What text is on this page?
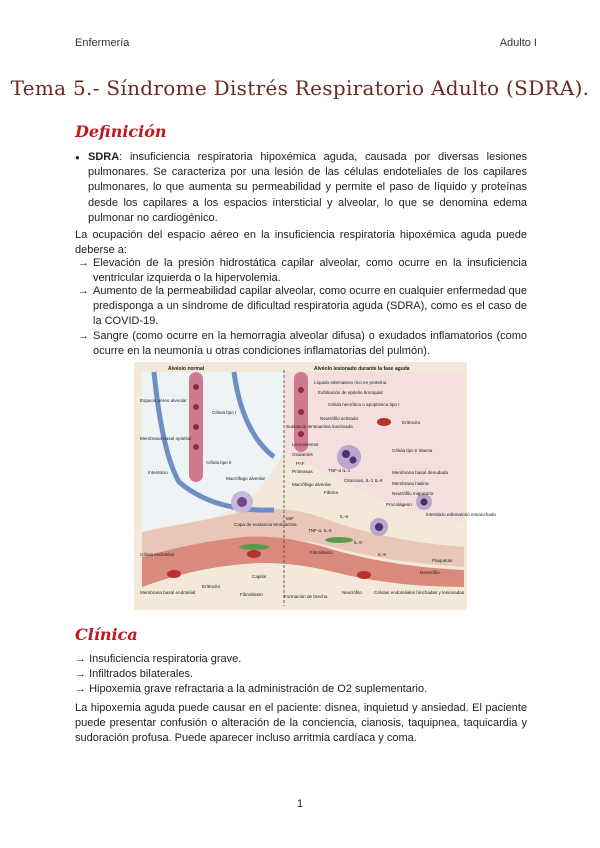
Enfermería	Adulto I
Tema 5.- Síndrome Distrés Respiratorio Adulto (SDRA).
Definición
● SDRA: insuficiencia respiratoria hipoxémica aguda, causada por diversas lesiones pulmonares. Se caracteriza por una lesión de las células endoteliales de los capilares pulmonares, lo que aumenta su permeabilidad y permite el paso de líquido y proteínas desde los capilares a los espacios intersticial y alveolar, lo que se denomina edema pulmonar no cardiogénico.

La ocupación del espacio aéreo en la insuficiencia respiratoria hipoxémica aguda puede deberse a:

→ Elevación de la presión hidrostática capilar alveolar, como ocurre en la insuficiencia ventricular izquierda o la hipervolemia.
→ Aumento de la permeabilidad capilar alveolar, como ocurre en cualquier enfermedad que predisponga a un síndrome de dificultad respiratoria aguda (SDRA), como es el caso de la COVID-19.
→ Sangre (como ocurre en la hemorragia alveolar difusa) o exudados inflamatorios (como ocurre en la neumonía u otras condiciones inflamatorias del pulmón).
Alvéolo normal	Alvéolo lesionado durante la fase aguda
Espacio aéreo alveolar
Célula tipo I
Membrana basal epitelial
Intersticio
Célula tipo II
Macrófago alveolar
Capa de sustancia tensoactiva
Célula endotelial
Membrana basal endotelial
Capilar
Eritrocito
Fibroblasto
Líquido edematoso rico en proteína
Exfoliación de epitelio bronquial
Célula necrótica o apoptósica tipo I
Sustancia tensoactiva inactivada
Neutrófilo activado
Leucotrienos
Oxidantes
PAF
Proteasas
Eritrocito
Célula tipo II intacta
Membrana basal denudada
Membrana hialina
Neutrófilo migratorio
Procolágeno
Intersticio edematoso ensanchado
TNF-α IL-1
Macrófago alveolar
Fibrina
MIF
TNF-α, IL-6
IL-8
IL-8
IL-8
Citocinas, IL-1 IL-8
Fibroblasto
Neutrófilo
Neutrófilo
Plaquetas
Formación de brecha
Células endoteliales hinchadas y lesionadas
Clínica
→ Insuficiencia respiratoria grave.
→ Infiltrados bilaterales.
→ Hipoxemia grave refractaria a la administración de O2 suplementario.

La hipoxemia aguda puede causar en el paciente: disnea, inquietud y ansiedad. El paciente puede presentar confusión o alteración de la conciencia, cianosis, taquipnea, taquicardia y sudoración profusa. Puede aparecer incluso arritmia cardíaca y coma.

1
